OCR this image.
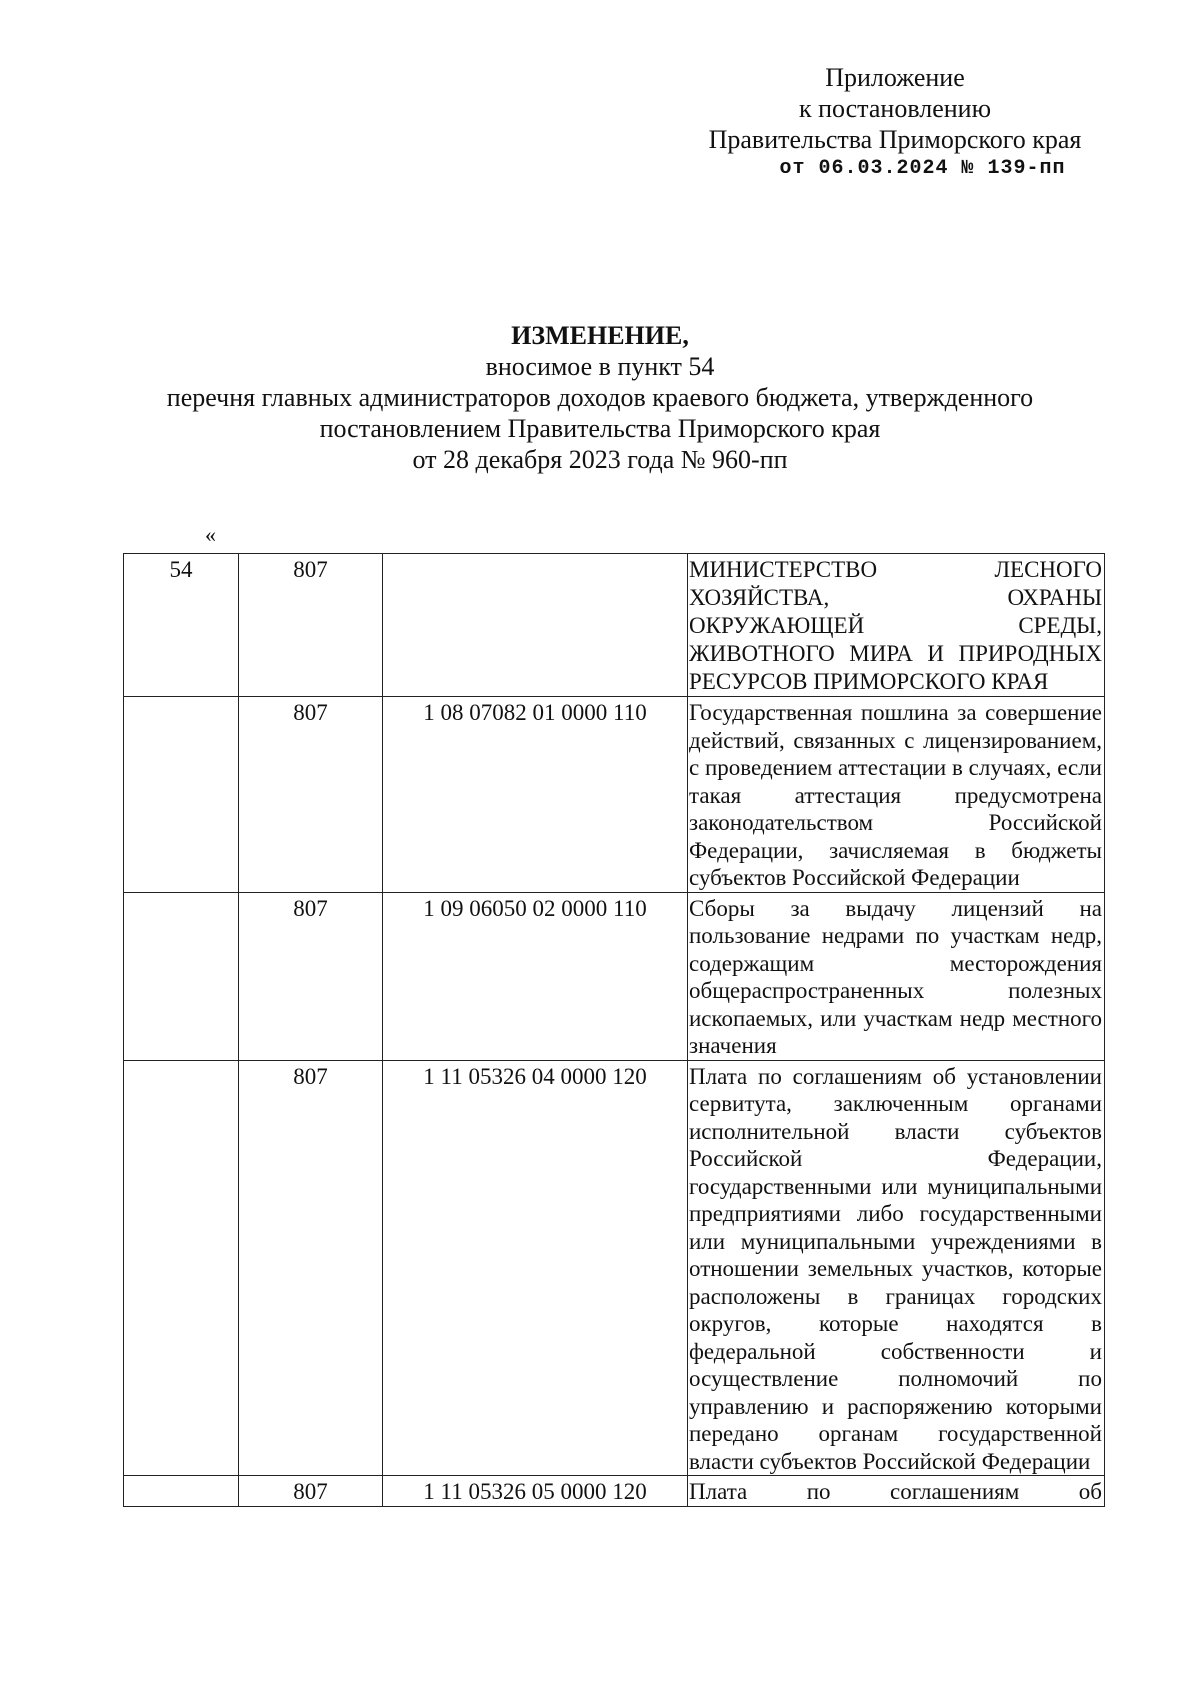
Приложение
к постановлению
Правительства Приморского края
от 06.03.2024 № 139-пп
ИЗМЕНЕНИЕ,
вносимое в пункт 54
перечня главных администраторов доходов краевого бюджета, утвержденного
постановлением Правительства Приморского края
от 28 декабря 2023 года № 960-пп
«
54	807		МИНИСТЕРСТВО ЛЕСНОГО ХОЗЯЙСТВА, ОХРАНЫ ОКРУЖАЮЩЕЙ СРЕДЫ, ЖИВОТНОГО МИРА И ПРИРОДНЫХ РЕСУРСОВ ПРИМОРСКОГО КРАЯ
	807	1 08 07082 01 0000 110	Государственная пошлина за совершение действий, связанных с лицензированием, с проведением аттестации в случаях, если такая аттестация предусмотрена законодательством Российской Федерации, зачисляемая в бюджеты субъектов Российской Федерации
	807	1 09 06050 02 0000 110	Сборы за выдачу лицензий на пользование недрами по участкам недр, содержащим месторождения общераспространенных полезных ископаемых, или участкам недр местного значения
	807	1 11 05326 04 0000 120	Плата по соглашениям об установлении сервитута, заключенным органами исполнительной власти субъектов Российской Федерации, государственными или муниципальными предприятиями либо государственными или муниципальными учреждениями в отношении земельных участков, которые расположены в границах городских округов, которые находятся в федеральной собственности и осуществление полномочий по управлению и распоряжению которыми передано органам государственной власти субъектов Российской Федерации
	807	1 11 05326 05 0000 120	Плата по соглашениям об
